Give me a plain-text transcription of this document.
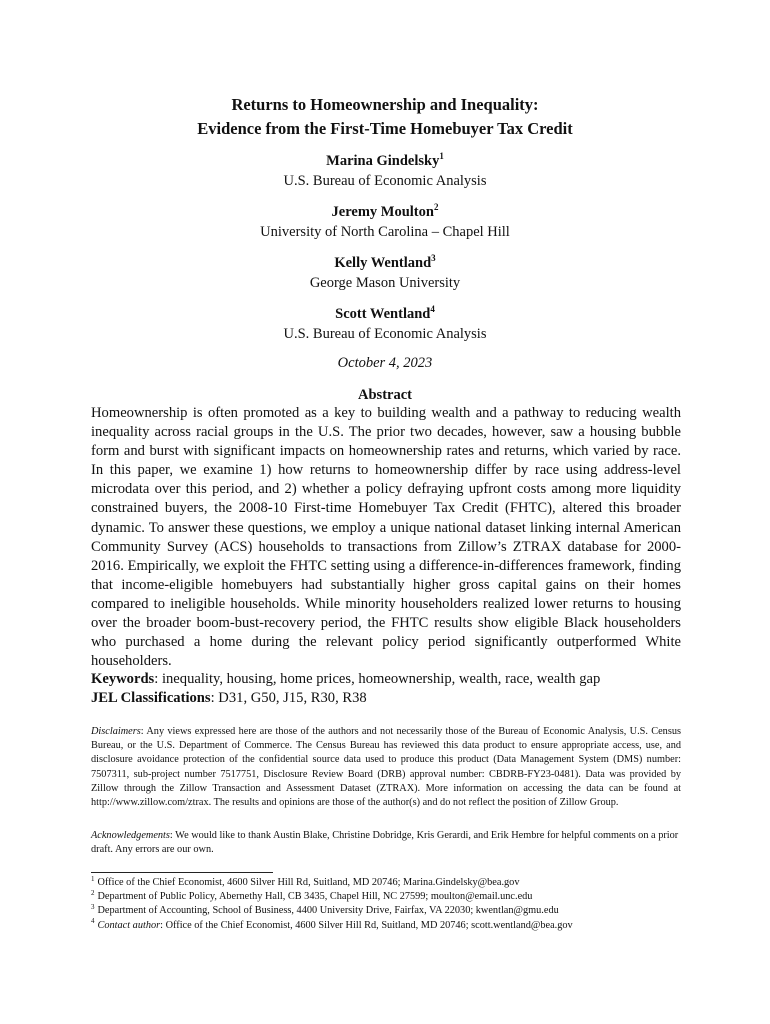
Returns to Homeownership and Inequality:
Evidence from the First-Time Homebuyer Tax Credit
Marina Gindelsky$^1$
U.S. Bureau of Economic Analysis
Jeremy Moulton$^2$
University of North Carolina – Chapel Hill
Kelly Wentland$^3$
George Mason University
Scott Wentland$^4$
U.S. Bureau of Economic Analysis
October 4, 2023
Abstract
Homeownership is often promoted as a key to building wealth and a pathway to reducing wealth inequality across racial groups in the U.S. The prior two decades, however, saw a housing bubble form and burst with significant impacts on homeownership rates and returns, which varied by race. In this paper, we examine 1) how returns to homeownership differ by race using address-level microdata over this period, and 2) whether a policy defraying upfront costs among more liquidity constrained buyers, the 2008-10 First-time Homebuyer Tax Credit (FHTC), altered this broader dynamic. To answer these questions, we employ a unique national dataset linking internal American Community Survey (ACS) households to transactions from Zillow’s ZTRAX database for 2000-2016. Empirically, we exploit the FHTC setting using a difference-in-differences framework, finding that income-eligible homebuyers had substantially higher gross capital gains on their homes compared to ineligible households. While minority householders realized lower returns to housing over the broader boom-bust-recovery period, the FHTC results show eligible Black householders who purchased a home during the relevant policy period significantly outperformed White householders.
Keywords: inequality, housing, home prices, homeownership, wealth, race, wealth gap
JEL Classifications: D31, G50, J15, R30, R38
Disclaimers: Any views expressed here are those of the authors and not necessarily those of the Bureau of Economic Analysis, U.S. Census Bureau, or the U.S. Department of Commerce. The Census Bureau has reviewed this data product to ensure appropriate access, use, and disclosure avoidance protection of the confidential source data used to produce this product (Data Management System (DMS) number: 7507311, sub-project number 7517751, Disclosure Review Board (DRB) approval number: CBDRB-FY23-0481). Data was provided by Zillow through the Zillow Transaction and Assessment Dataset (ZTRAX). More information on accessing the data can be found at http://www.zillow.com/ztrax. The results and opinions are those of the author(s) and do not reflect the position of Zillow Group.
Acknowledgements: We would like to thank Austin Blake, Christine Dobridge, Kris Gerardi, and Erik Hembre for helpful comments on a prior draft. Any errors are our own.
$^1$ Office of the Chief Economist, 4600 Silver Hill Rd, Suitland, MD 20746; Marina.Gindelsky@bea.gov
$^2$ Department of Public Policy, Abernethy Hall, CB 3435, Chapel Hill, NC 27599; moulton@email.unc.edu
$^3$ Department of Accounting, School of Business, 4400 University Drive, Fairfax, VA 22030; kwentlan@gmu.edu
$^4$ Contact author: Office of the Chief Economist, 4600 Silver Hill Rd, Suitland, MD 20746; scott.wentland@bea.gov
